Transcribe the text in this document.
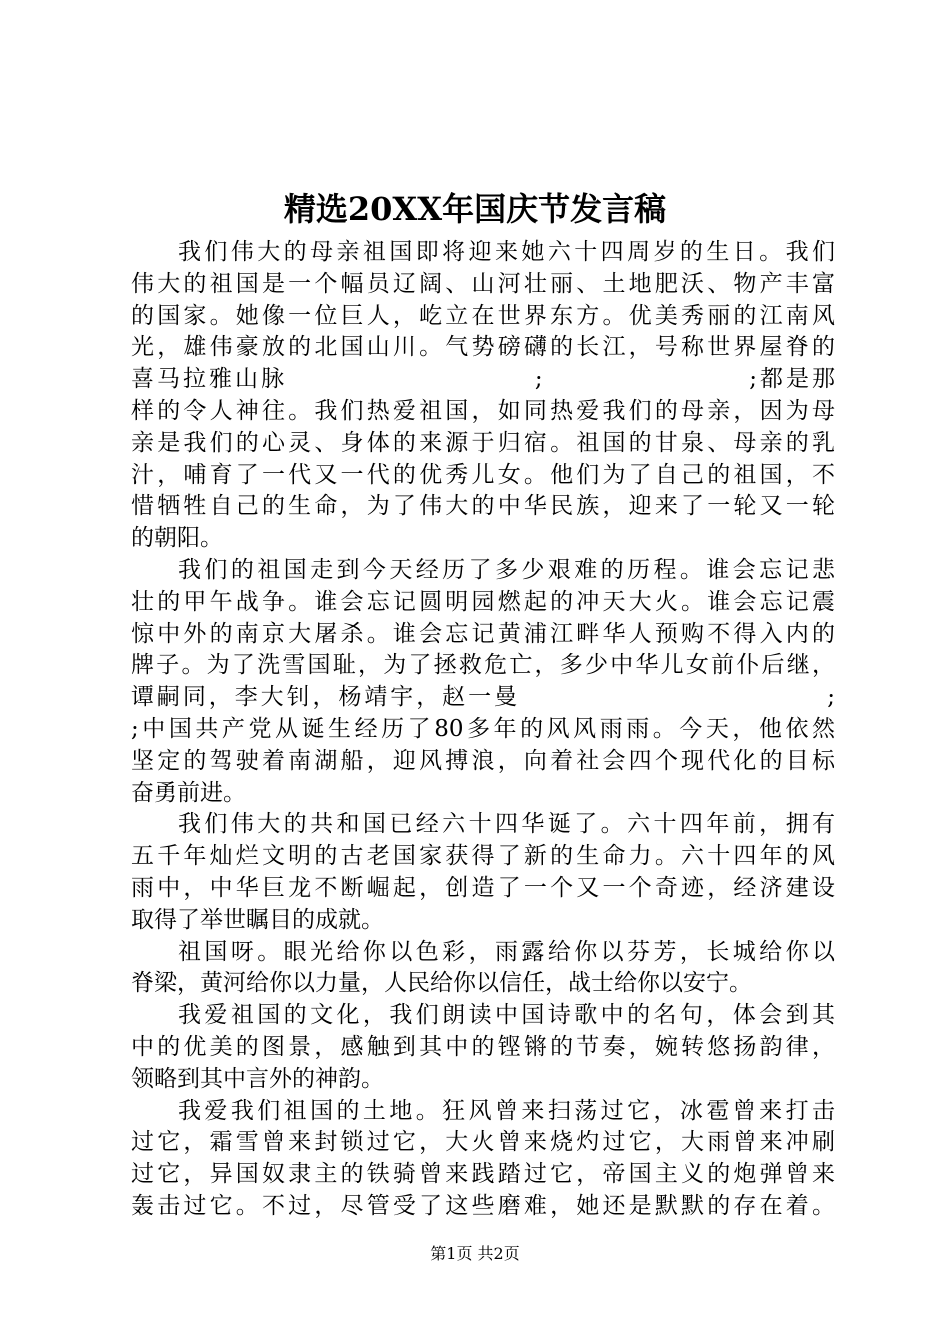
精选20XX年国庆节发言稿
我们伟大的母亲祖国即将迎来她六十四周岁的生日。我们
伟大的祖国是一个幅员辽阔、山河壮丽、土地肥沃、物产丰富
的国家。她像一位巨人，屹立在世界东方。优美秀丽的江南风
光，雄伟豪放的北国山川。气势磅礴的长江，号称世界屋脊的
喜马拉雅山脉                        ;                    ;都是那
样的令人神往。我们热爱祖国，如同热爱我们的母亲，因为母
亲是我们的心灵、身体的来源于归宿。祖国的甘泉、母亲的乳
汁，哺育了一代又一代的优秀儿女。他们为了自己的祖国，不
惜牺牲自己的生命，为了伟大的中华民族，迎来了一轮又一轮
的朝阳。
我们的祖国走到今天经历了多少艰难的历程。谁会忘记悲
壮的甲午战争。谁会忘记圆明园燃起的冲天大火。谁会忘记震
惊中外的南京大屠杀。谁会忘记黄浦江畔华人预购不得入内的
牌子。为了洗雪国耻，为了拯救危亡，多少中华儿女前仆后继，
谭嗣同，李大钊，杨靖宇，赵一曼                              ;
;中国共产党从诞生经历了80多年的风风雨雨。今天，他依然
坚定的驾驶着南湖船，迎风搏浪，向着社会四个现代化的目标
奋勇前进。
我们伟大的共和国已经六十四华诞了。六十四年前，拥有
五千年灿烂文明的古老国家获得了新的生命力。六十四年的风
雨中，中华巨龙不断崛起，创造了一个又一个奇迹，经济建设
取得了举世瞩目的成就。
祖国呀。眼光给你以色彩，雨露给你以芬芳，长城给你以
脊梁，黄河给你以力量，人民给你以信任，战士给你以安宁。
我爱祖国的文化，我们朗读中国诗歌中的名句，体会到其
中的优美的图景，感触到其中的铿锵的节奏，婉转悠扬韵律，
领略到其中言外的神韵。
我爱我们祖国的土地。狂风曾来扫荡过它，冰雹曾来打击
过它，霜雪曾来封锁过它，大火曾来烧灼过它，大雨曾来冲刷
过它，异国奴隶主的铁骑曾来践踏过它，帝国主义的炮弹曾来
轰击过它。不过，尽管受了这些磨难，她还是默默的存在着。
第1页 共2页
